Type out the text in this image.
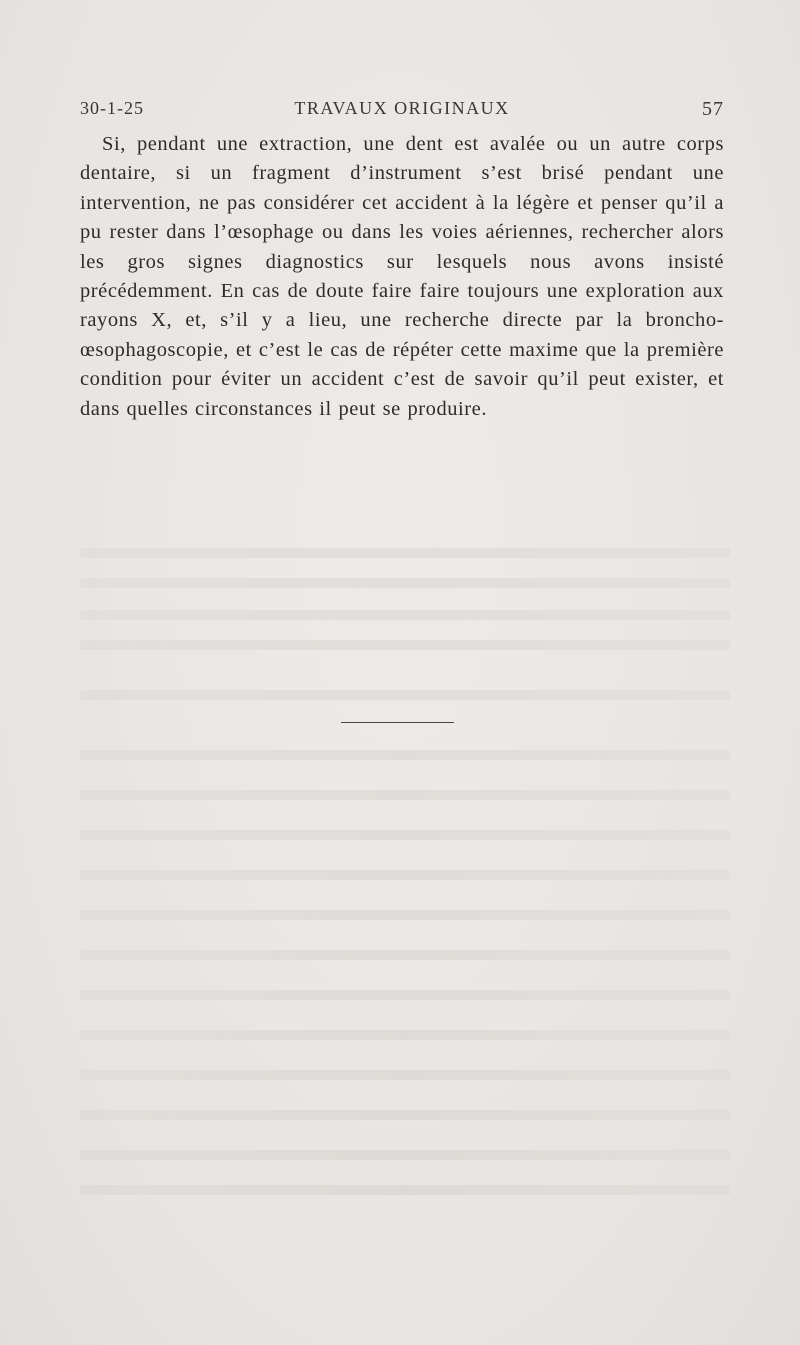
30-1-25	TRAVAUX ORIGINAUX	57

Si, pendant une extraction, une dent est avalée ou un autre corps dentaire, si un fragment d’instrument s’est brisé pendant une intervention, ne pas considérer cet accident à la légère et penser qu’il a pu rester dans l’œsophage ou dans les voies aériennes, rechercher alors les gros signes diagnostics sur lesquels nous avons insisté précédemment. En cas de doute faire faire toujours une exploration aux rayons X, et, s’il y a lieu, une recherche directe par la broncho-œsophagoscopie, et c’est le cas de répéter cette maxime que la première condition pour éviter un accident c’est de savoir qu’il peut exister, et dans quelles circonstances il peut se produire.
